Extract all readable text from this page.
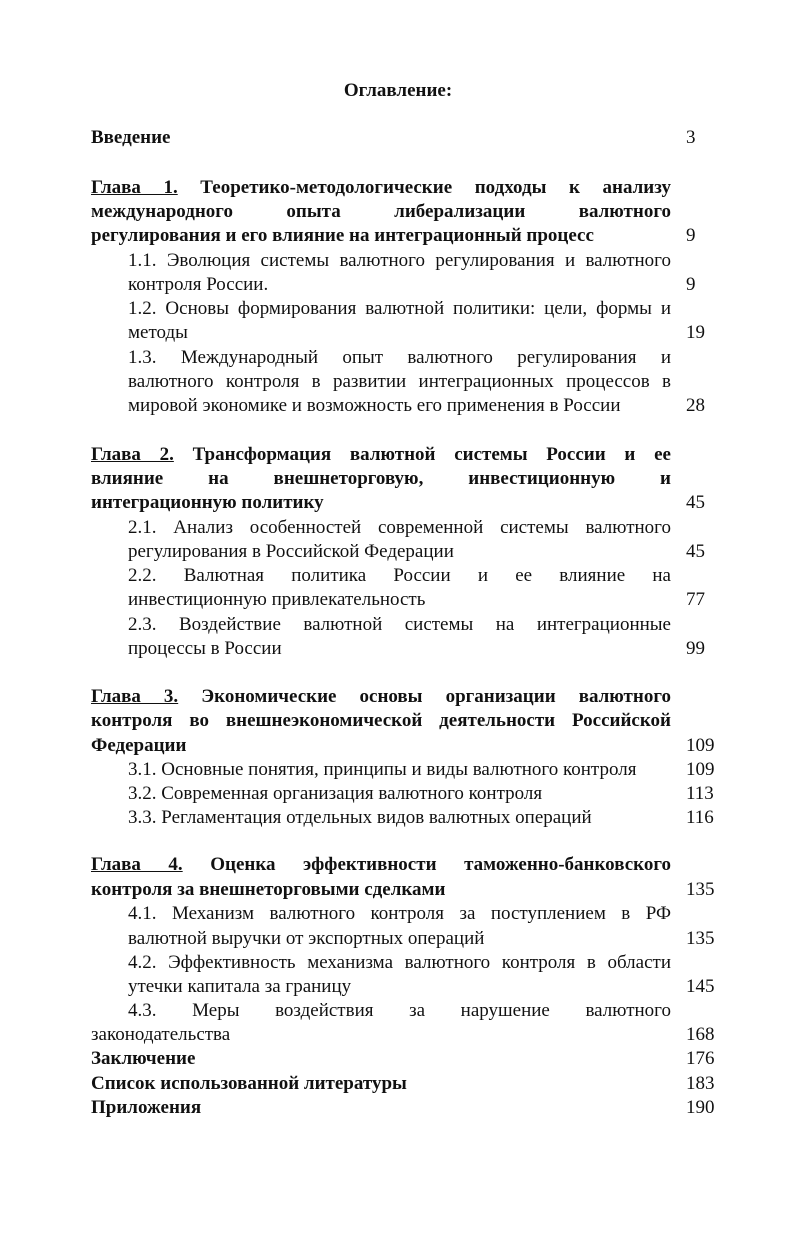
Оглавление:
Введение	3
Глава 1. Теоретико-методологические подходы к анализу
международного опыта либерализации валютного
регулирования и его влияние на интеграционный процесс	9
1.1. Эволюция системы валютного регулирования и валютного
контроля России.	9
1.2. Основы формирования валютной политики: цели, формы и
методы	19
1.3. Международный опыт валютного регулирования и
валютного контроля в развитии интеграционных процессов в
мировой экономике и возможность его применения в России	28
Глава 2. Трансформация валютной системы России и ее
влияние на внешнеторговую, инвестиционную и
интеграционную политику	45
2.1. Анализ особенностей современной системы валютного
регулирования в Российской Федерации	45
2.2. Валютная политика России и ее влияние на
инвестиционную привлекательность	77
2.3. Воздействие валютной системы на интеграционные
процессы в России	99
Глава 3. Экономические основы организации валютного
контроля во внешнеэкономической деятельности Российской
Федерации	109
3.1. Основные понятия, принципы и виды валютного контроля	109
3.2. Современная организация валютного контроля	113
3.3. Регламентация отдельных видов валютных операций	116
Глава 4. Оценка эффективности таможенно-банковского
контроля за внешнеторговыми сделками	135
4.1. Механизм валютного контроля за поступлением в РФ
валютной выручки от экспортных операций	135
4.2. Эффективность механизма валютного контроля в области
утечки капитала за границу	145
4.3. Меры воздействия за нарушение валютного
законодательства	168
Заключение	176
Список использованной литературы	183
Приложения	190
